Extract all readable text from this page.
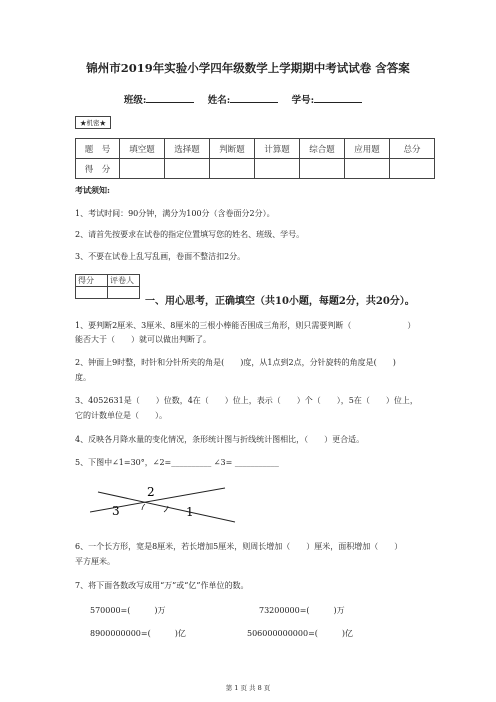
锦州市2019年实验小学四年级数学上学期期中考试试卷 含答案
班级:	姓名:	学号:
★机密★
题　号	填空题	选择题	判断题	计算题	综合题	应用题	总分
得　分							
考试须知:
1、考试时间：90分钟，满分为100分（含卷面分2分）。
2、请首先按要求在试卷的指定位置填写您的姓名、班级、学号。
3、不要在试卷上乱写乱画，卷面不整洁扣2分。
得分	评卷人

一、用心思考，正确填空（共10小题，每题2分，共20分）。
1、要判断2厘米、3厘米、8厘米的三根小棒能否围成三角形，则只需要判断（　　　　　　　）
能否大于（　　）就可以做出判断了。
2、钟面上9时整，时针和分针所夹的角是(　　)度，从1点到2点，分针旋转的角度是(　　)
度。
3、4052631是（　　）位数，4在（　　）位上，表示（　　）个（　　），5在（　　）位上，
它的计数单位是（　　）。
4、反映各月降水量的变化情况，条形统计图与折线统计图相比，（　　）更合适。
5、下图中∠1=30°，∠2=__________ ∠3= ___________
2
1
3
6、一个长方形，宽是8厘米，若长增加5厘米，则周长增加（　　）厘米，面积增加（　　）
平方厘米。
7、将下面各数改写成用“万”或“亿”作单位的数。
570000=(　　　)万	73200000=(　　　)万
8900000000=(　　　)亿	506000000000=(　　　)亿
第 1 页 共 8 页
